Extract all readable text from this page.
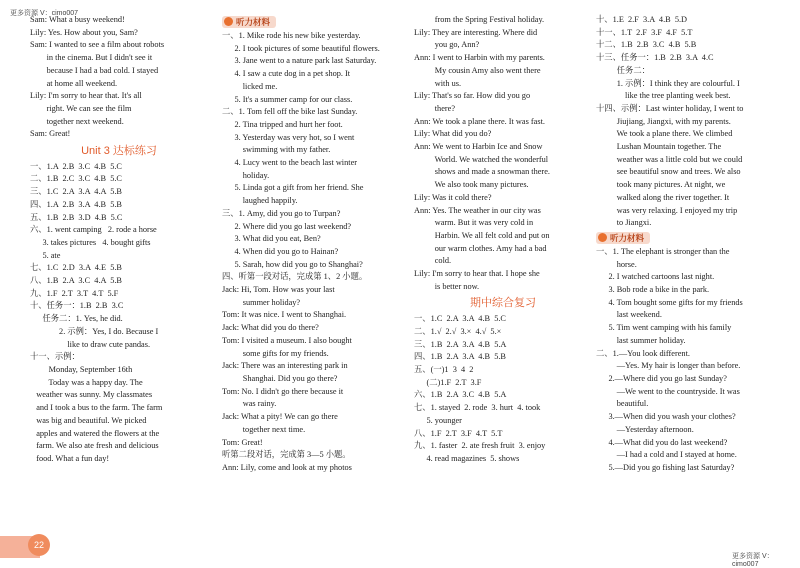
更多资源 V：cimo007
更多资源 V：cimo007
Sam: What a busy weekend!
Lily: Yes. How about you, Sam?
Sam: I wanted to see a film about robots
in the cinema. But I didn't see it
because I had a bad cold. I stayed
at home all weekend.
Lily: I'm sorry to hear that. It's all
right. We can see the film
together next weekend.
Sam: Great!
Unit 3 达标练习
一、1.A  2.B  3.C  4.B  5.C
二、1.B  2.C  3.C  4.B  5.C
三、1.C  2.A  3.A  4.A  5.B
四、1.A  2.B  3.A  4.B  5.B
五、1.B  2.B  3.D  4.B  5.C
六、1. went camping   2. rode a horse
3. takes pictures   4. bought gifts
5. ate
七、1.C  2.D  3.A  4.E  5.B
八、1.B  2.A  3.C  4.A  5.B
九、1.F  2.T  3.T  4.T  5.F
十、任务一：1.B  2.B  3.C
任务二：1. Yes, he did.
2. 示例：Yes, I do. Because I
like to draw cute pandas.
十一、示例：
Monday, September 16th
Today was a happy day. The
weather was sunny. My classmates
and I took a bus to the farm. The farm
was big and beautiful. We picked
apples and watered the flowers at the
farm. We also ate fresh and delicious
food. What a fun day!
听力材料
一、1. Mike rode his new bike yesterday.
2. I took pictures of some beautiful flowers.
3. Jane went to a nature park last Saturday.
4. I saw a cute dog in a pet shop. It
licked me.
5. It's a summer camp for our class.
二、1. Tom fell off the bike last Sunday.
2. Tina tripped and hurt her foot.
3. Yesterday was very hot, so I went
swimming with my father.
4. Lucy went to the beach last winter
holiday.
5. Linda got a gift from her friend. She
laughed happily.
三、1. Amy, did you go to Turpan?
2. Where did you go last weekend?
3. What did you eat, Ben?
4. When did you go to Hainan?
5. Sarah, how did you go to Shanghai?
四、听第一段对话，完成第 1、2 小题。
Jack: Hi, Tom. How was your last
summer holiday?
Tom: It was nice. I went to Shanghai.
Jack: What did you do there?
Tom: I visited a museum. I also bought
some gifts for my friends.
Jack: There was an interesting park in
Shanghai. Did you go there?
Tom: No. I didn't go there because it
was rainy.
Jack: What a pity! We can go there
together next time.
Tom: Great!
听第二段对话，完成第 3—5 小题。
Ann: Lily, come and look at my photos
from the Spring Festival holiday.
Lily: They are interesting. Where did
you go, Ann?
Ann: I went to Harbin with my parents.
My cousin Amy also went there
with us.
Lily: That's so far. How did you go
there?
Ann: We took a plane there. It was fast.
Lily: What did you do?
Ann: We went to Harbin Ice and Snow
World. We watched the wonderful
shows and made a snowman there.
We also took many pictures.
Lily: Was it cold there?
Ann: Yes. The weather in our city was
warm. But it was very cold in
Harbin. We all felt cold and put on
our warm clothes. Amy had a bad
cold.
Lily: I'm sorry to hear that. I hope she
is better now.
期中综合复习
一、1.C  2.A  3.A  4.B  5.C
二、1.√  2.√  3.×  4.√  5.×
三、1.B  2.A  3.A  4.B  5.A
四、1.B  2.A  3.A  4.B  5.B
五、(一)1  3  4  2
(二)1.F  2.T  3.F
六、1.B  2.A  3.C  4.B  5.A
七、1. stayed  2. rode  3. hurt  4. took
5. younger
八、1.F  2.T  3.F  4.T  5.T
九、1. faster  2. ate fresh fruit  3. enjoy
4. read magazines  5. shows
十、1.E  2.F  3.A  4.B  5.D
十一、1.T  2.F  3.F  4.F  5.T
十二、1.B  2.B  3.C  4.B  5.B
十三、任务一：1.B  2.B  3.A  4.C
任务二：
1. 示例：I think they are colourful. I
like the tree planting week best.
十四、示例：Last winter holiday, I went to
Jiujiang, Jiangxi, with my parents.
We took a plane there. We climbed
Lushan Mountain together. The
weather was a little cold but we could
see beautiful snow and trees. We also
took many pictures. At night, we
walked along the river together. It
was very relaxing. I enjoyed my trip
to Jiangxi.
听力材料
一、1. The elephant is stronger than the
horse.
2. I watched cartoons last night.
3. Bob rode a bike in the park.
4. Tom bought some gifts for my friends
last weekend.
5. Tim went camping with his family
last summer holiday.
二、1.—You look different.
—Yes. My hair is longer than before.
2.—Where did you go last Sunday?
—We went to the countryside. It was
beautiful.
3.—When did you wash your clothes?
—Yesterday afternoon.
4.—What did you do last weekend?
—I had a cold and I stayed at home.
5.—Did you go fishing last Saturday?
22
